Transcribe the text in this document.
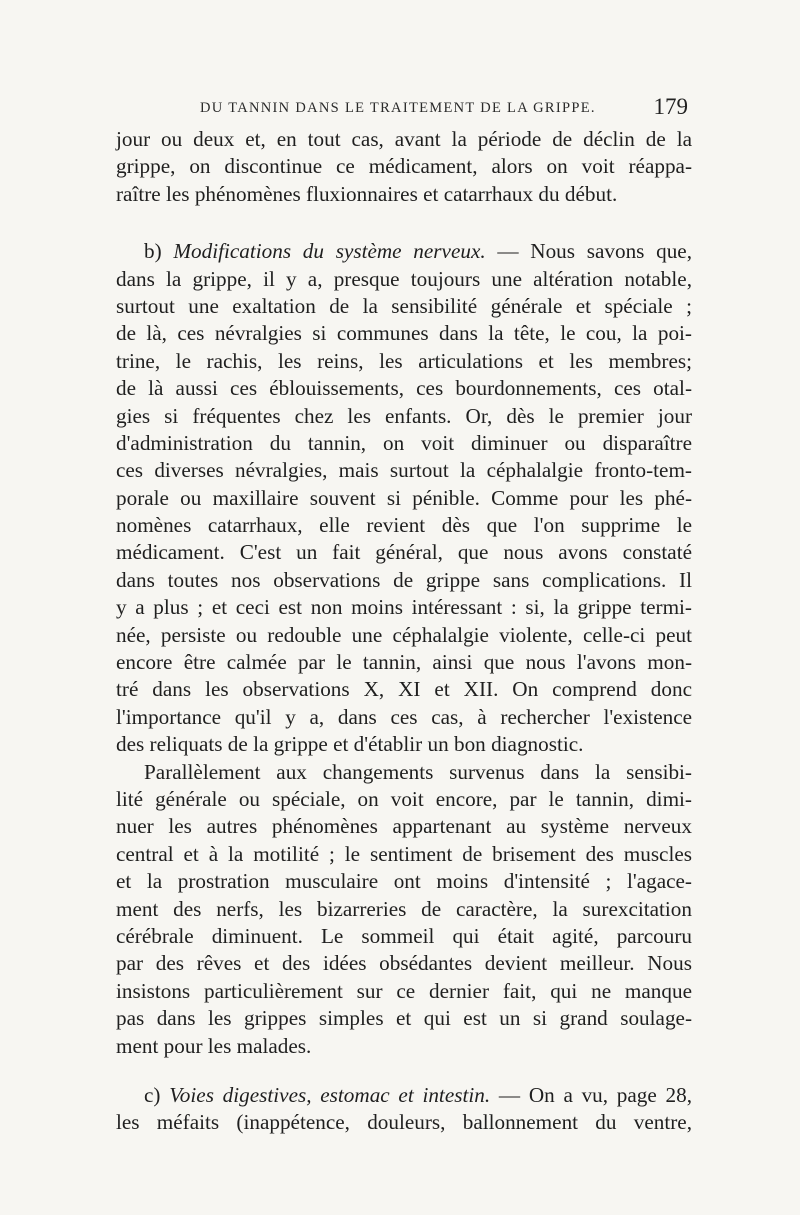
DU TANNIN DANS LE TRAITEMENT DE LA GRIPPE.	179
jour ou deux et, en tout cas, avant la période de déclin de la
grippe, on discontinue ce médicament, alors on voit réappa-
raître les phénomènes fluxionnaires et catarrhaux du début.
b) Modifications du système nerveux. — Nous savons que,
dans la grippe, il y a, presque toujours une altération notable,
surtout une exaltation de la sensibilité générale et spéciale ;
de là, ces névralgies si communes dans la tête, le cou, la poi-
trine, le rachis, les reins, les articulations et les membres;
de là aussi ces éblouissements, ces bourdonnements, ces otal-
gies si fréquentes chez les enfants. Or, dès le premier jour
d'administration du tannin, on voit diminuer ou disparaître
ces diverses névralgies, mais surtout la céphalalgie fronto-tem-
porale ou maxillaire souvent si pénible. Comme pour les phé-
nomènes catarrhaux, elle revient dès que l'on supprime le
médicament. C'est un fait général, que nous avons constaté
dans toutes nos observations de grippe sans complications. Il
y a plus ; et ceci est non moins intéressant : si, la grippe termi-
née, persiste ou redouble une céphalalgie violente, celle-ci peut
encore être calmée par le tannin, ainsi que nous l'avons mon-
tré dans les observations X, XI et XII. On comprend donc
l'importance qu'il y a, dans ces cas, à rechercher l'existence
des reliquats de la grippe et d'établir un bon diagnostic.
Parallèlement aux changements survenus dans la sensibi-
lité générale ou spéciale, on voit encore, par le tannin, dimi-
nuer les autres phénomènes appartenant au système nerveux
central et à la motilité ; le sentiment de brisement des muscles
et la prostration musculaire ont moins d'intensité ; l'agace-
ment des nerfs, les bizarreries de caractère, la surexcitation
cérébrale diminuent. Le sommeil qui était agité, parcouru
par des rêves et des idées obsédantes devient meilleur. Nous
insistons particulièrement sur ce dernier fait, qui ne manque
pas dans les grippes simples et qui est un si grand soulage-
ment pour les malades.
c) Voies digestives, estomac et intestin. — On a vu, page 28,
les méfaits (inappétence, douleurs, ballonnement du ventre,
